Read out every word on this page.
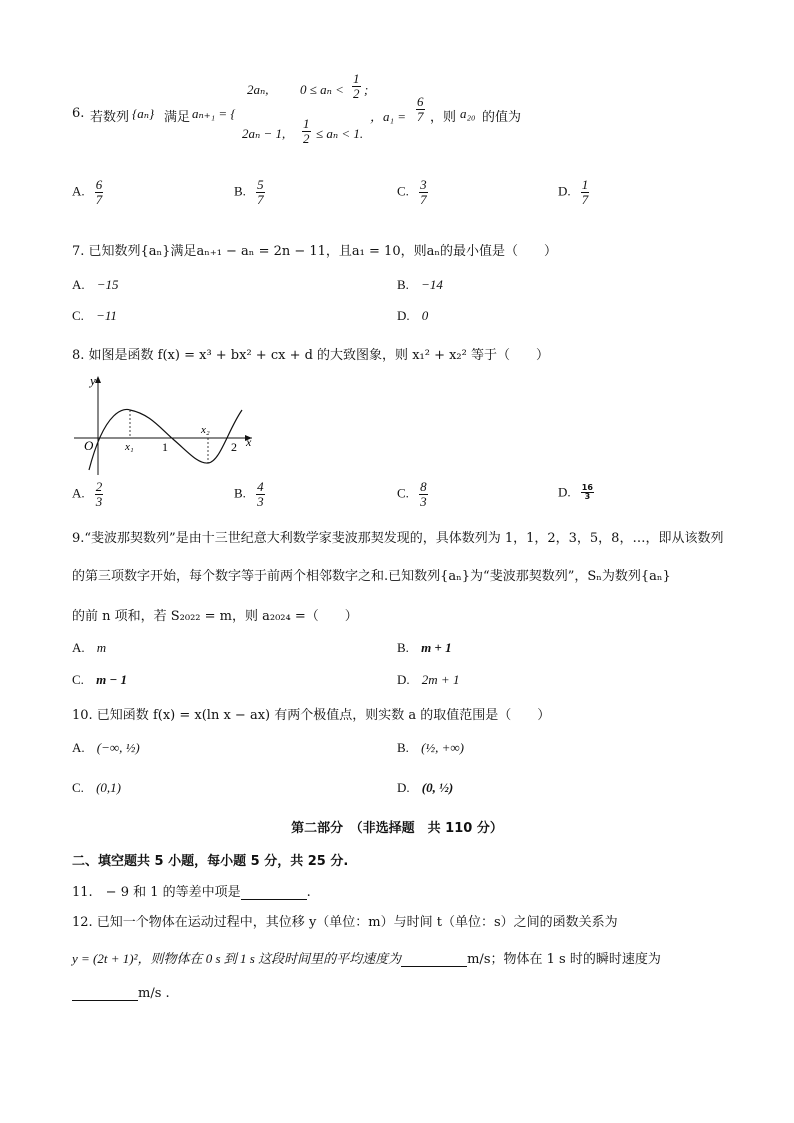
6. 若数列 {aₙ} 满足 aₙ₊₁ = {
2aₙ, $0 \le a_n < \frac{1}{2}$ ;
2aₙ − 1, $\frac{1}{2} \le a_n < 1$.
，$a_1 = \frac{6}{7}$ ，则 a₂₀ 的值为
A. $\frac{6}{7}$	B. $\frac{5}{7}$	C. $\frac{3}{7}$	D. $\frac{1}{7}$
7. 已知数列{aₙ}满足aₙ₊₁ − aₙ = 2n − 11，且a₁ = 10，则aₙ的最小值是（　　）
A. −15	B. −14
C. −11	D. 0
8. 如图是函数 f(x) = x³ + bx² + cx + d 的大致图象，则 x₁² + x₂² 等于（　　）
y
x
O	x₁
x₂
1	2
A. $\frac{2}{3}$	B. $\frac{4}{3}$	C. $\frac{8}{3}$	D. $\frac{16}{3}$
9.“斐波那契数列”是由十三世纪意大利数学家斐波那契发现的，具体数列为 1，1，2，3，5，8，…，即从该数列
的第三项数字开始，每个数字等于前两个相邻数字之和.已知数列{aₙ}为“斐波那契数列”，Sₙ为数列{aₙ}
的前 n 项和，若 S₂₀₂₂ = m，则 a₂₀₂₄ =（　　）
A. m	B. m + 1
C. m − 1	D. 2m + 1
10. 已知函数 f(x) = x(ln x − ax) 有两个极值点，则实数 a 的取值范围是（　　）
A. (−∞, ½)	B. (½, +∞)
C. (0,1)	D. (0, ½)
第二部分　（非选择题　共 110 分）
二、填空题共 5 小题，每小题 5 分，共 25 分.
11.　− 9 和 1 的等差中项是	.
12. 已知一个物体在运动过程中，其位移 y（单位：m）与时间 t（单位：s）之间的函数关系为
y = (2t + 1)²，则物体在 0 s 到 1 s 这段时间里的平均速度为	m/s；物体在 1 s 时的瞬时速度为
m/s .
